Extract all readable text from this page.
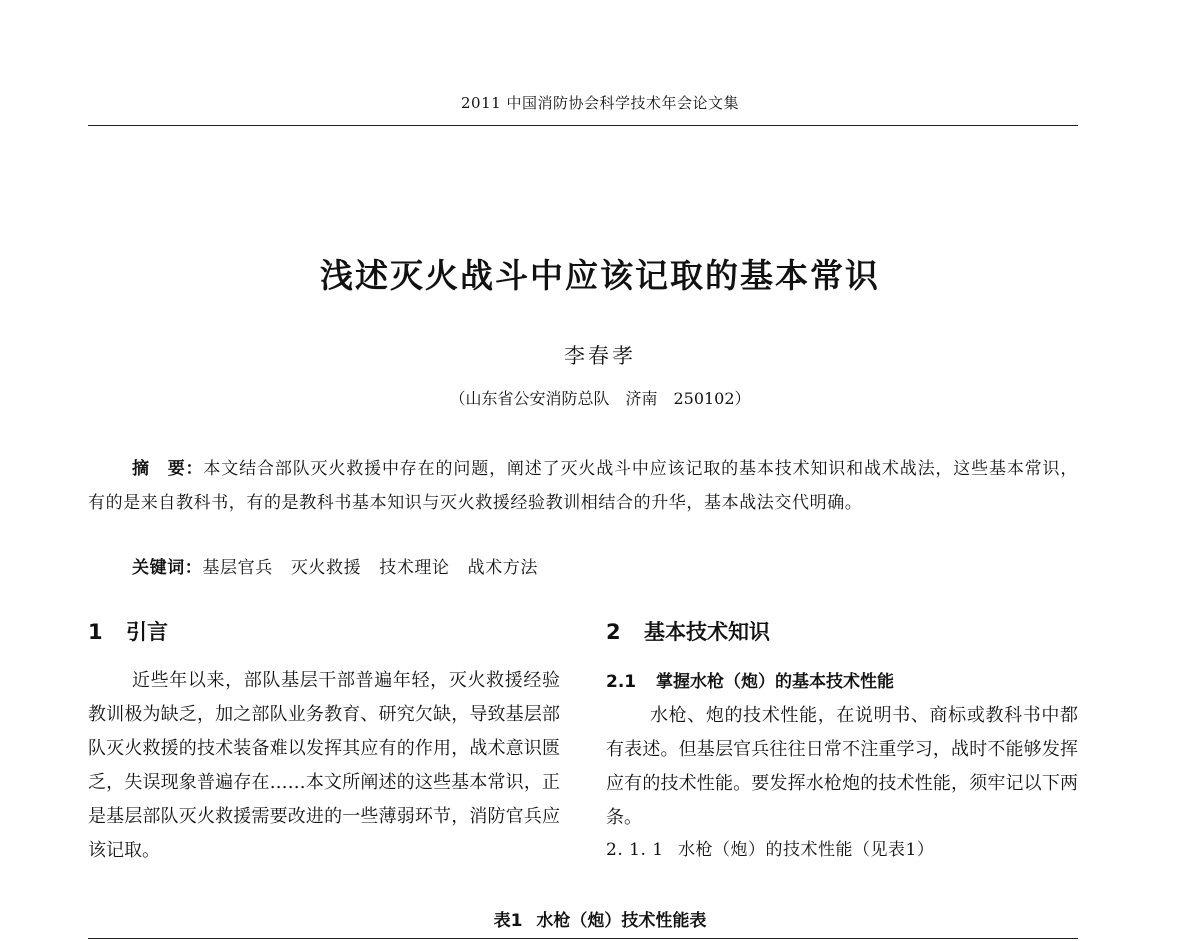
2011 中国消防协会科学技术年会论文集
浅述灭火战斗中应该记取的基本常识
李春孝
（山东省公安消防总队　济南　250102）

摘　要：本文结合部队灭火救援中存在的问题，阐述了灭火战斗中应该记取的基本技术知识和战术战法，这些基本常识，有的是来自教科书，有的是教科书基本知识与灭火救援经验教训相结合的升华，基本战法交代明确。

关键词：基层官兵 灭火救援 技术理论 战术方法
1 引言

近些年以来，部队基层干部普遍年轻，灭火救援经验教训极为缺乏，加之部队业务教育、研究欠缺，导致基层部队灭火救援的技术装备难以发挥其应有的作用，战术意识匮乏，失误现象普遍存在……本文所阐述的这些基本常识，正是基层部队灭火救援需要改进的一些薄弱环节，消防官兵应该记取。

2 基本技术知识
2.1 掌握水枪（炮）的基本技术性能

水枪、炮的技术性能，在说明书、商标或教科书中都有表述。但基层官兵往往日常不注重学习，战时不能够发挥应有的技术性能。要发挥水枪炮的技术性能，须牢记以下两条。

2. 1. 1 水枪（炮）的技术性能（见表1）
表1 水枪（炮）技术性能表
